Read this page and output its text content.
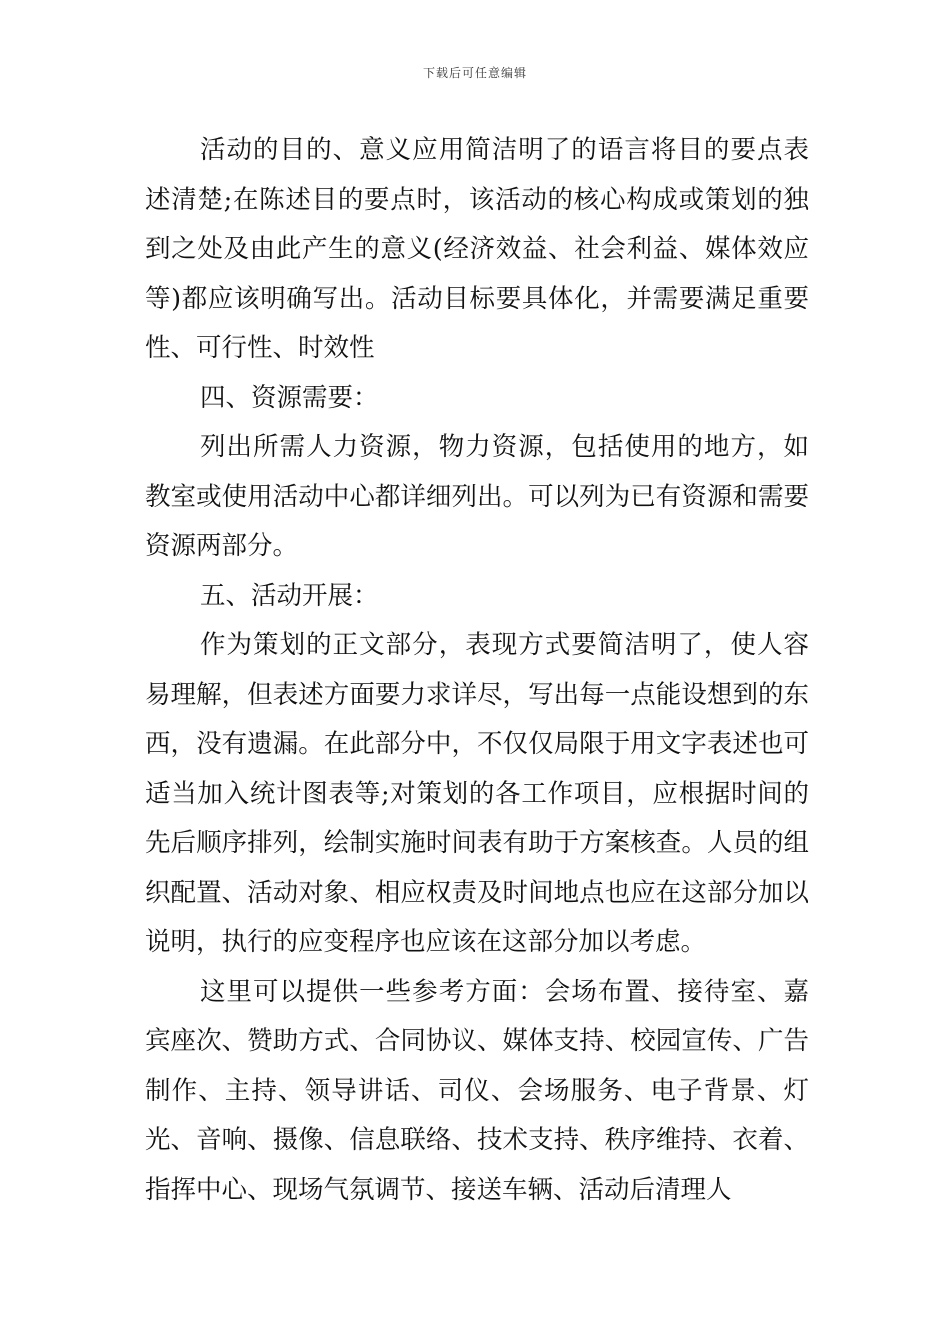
下载后可任意编辑

活动的目的、意义应用简洁明了的语言将目的要点表述清楚;在陈述目的要点时，该活动的核心构成或策划的独到之处及由此产生的意义(经济效益、社会利益、媒体效应等)都应该明确写出。活动目标要具体化，并需要满足重要性、可行性、时效性

四、资源需要：

列出所需人力资源，物力资源，包括使用的地方，如教室或使用活动中心都详细列出。可以列为已有资源和需要资源两部分。

五、活动开展：

作为策划的正文部分，表现方式要简洁明了，使人容易理解，但表述方面要力求详尽，写出每一点能设想到的东西，没有遗漏。在此部分中，不仅仅局限于用文字表述也可适当加入统计图表等;对策划的各工作项目，应根据时间的先后顺序排列，绘制实施时间表有助于方案核查。人员的组织配置、活动对象、相应权责及时间地点也应在这部分加以说明，执行的应变程序也应该在这部分加以考虑。

这里可以提供一些参考方面：会场布置、接待室、嘉宾座次、赞助方式、合同协议、媒体支持、校园宣传、广告制作、主持、领导讲话、司仪、会场服务、电子背景、灯光、音响、摄像、信息联络、技术支持、秩序维持、衣着、指挥中心、现场气氛调节、接送车辆、活动后清理人
